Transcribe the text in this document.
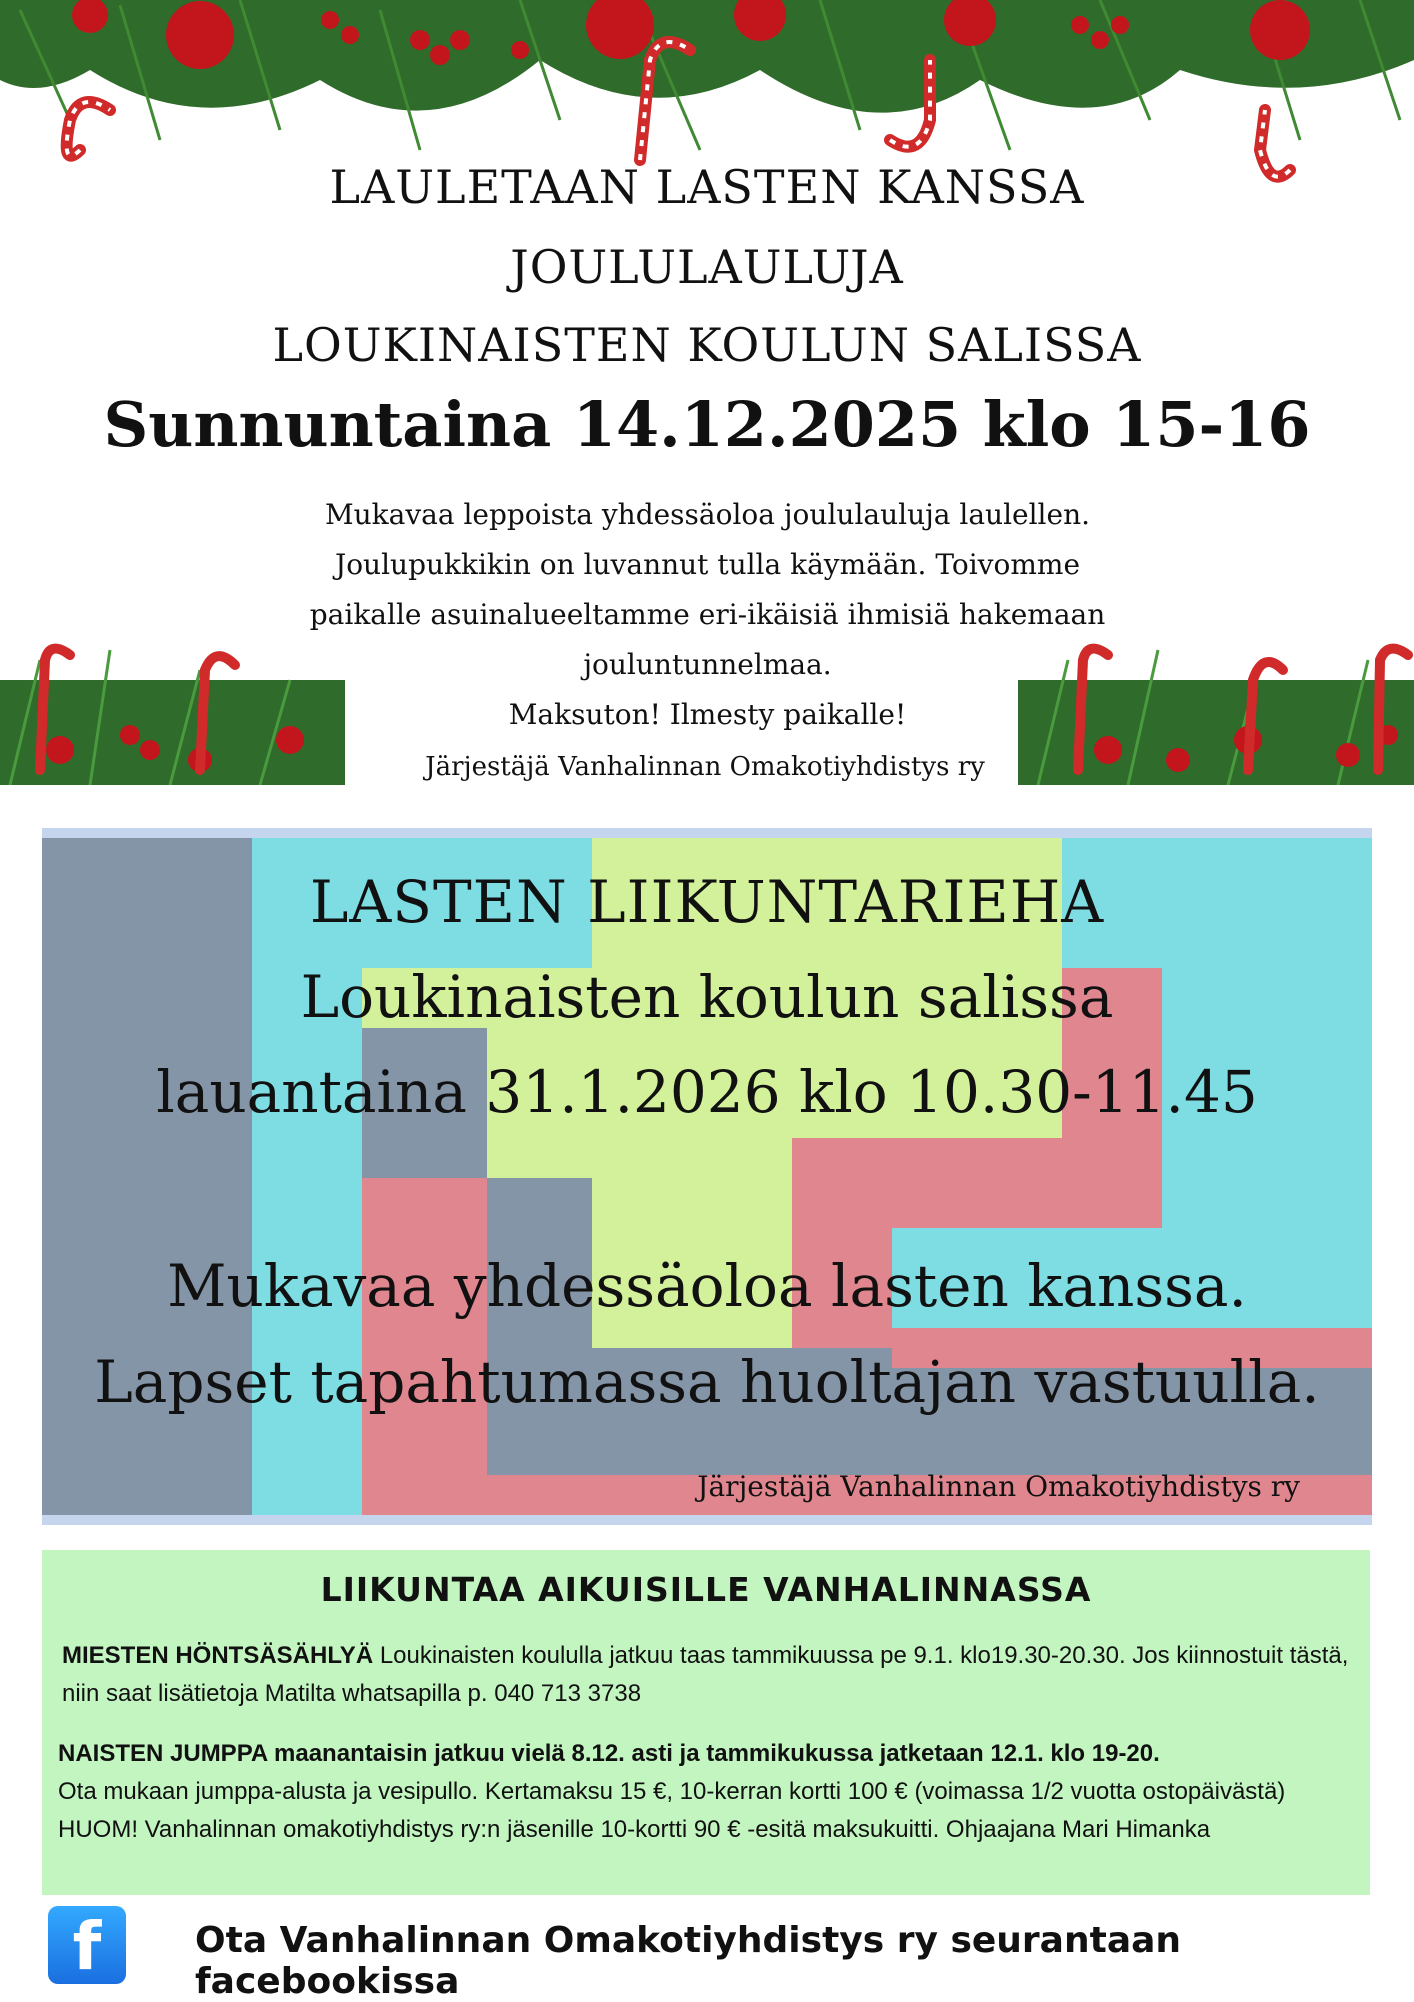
LAULETAAN LASTEN KANSSA
JOULULAULUJA
LOUKINAISTEN KOULUN SALISSA
Sunnuntaina 14.12.2025 klo 15-16
Mukavaa leppoista yhdessäoloa joululauluja laulellen.
Joulupukkikin on luvannut tulla käymään. Toivomme
paikalle asuinalueeltamme eri-ikäisiä ihmisiä hakemaan
jouluntunnelmaa.
Maksuton! Ilmesty paikalle!
Järjestäjä Vanhalinnan Omakotiyhdistys ry
LASTEN LIIKUNTARIEHA
Loukinaisten koulun salissa
lauantaina 31.1.2026 klo 10.30-11.45
Mukavaa yhdessäoloa lasten kanssa.
Lapset tapahtumassa huoltajan vastuulla.
Järjestäjä Vanhalinnan Omakotiyhdistys ry
LIIKUNTAA AIKUISILLE VANHALINNASSA
MIESTEN HÖNTSÄSÄHLYÄ Loukinaisten koululla jatkuu taas tammikuussa pe 9.1. klo19.30-20.30. Jos kiinnostuit tästä, niin saat lisätietoja Matilta whatsapilla p. 040 713 3738
NAISTEN JUMPPA maanantaisin jatkuu vielä 8.12. asti ja tammikukussa jatketaan 12.1. klo 19-20.
Ota mukaan jumppa-alusta ja vesipullo. Kertamaksu 15 €, 10-kerran kortti 100 € (voimassa 1/2 vuotta ostopäivästä) HUOM! Vanhalinnan omakotiyhdistys ry:n jäsenille 10-kortti 90 € -esitä maksukuitti. Ohjaajana Mari Himanka
f	Ota Vanhalinnan Omakotiyhdistys ry seurantaan facebookissa
